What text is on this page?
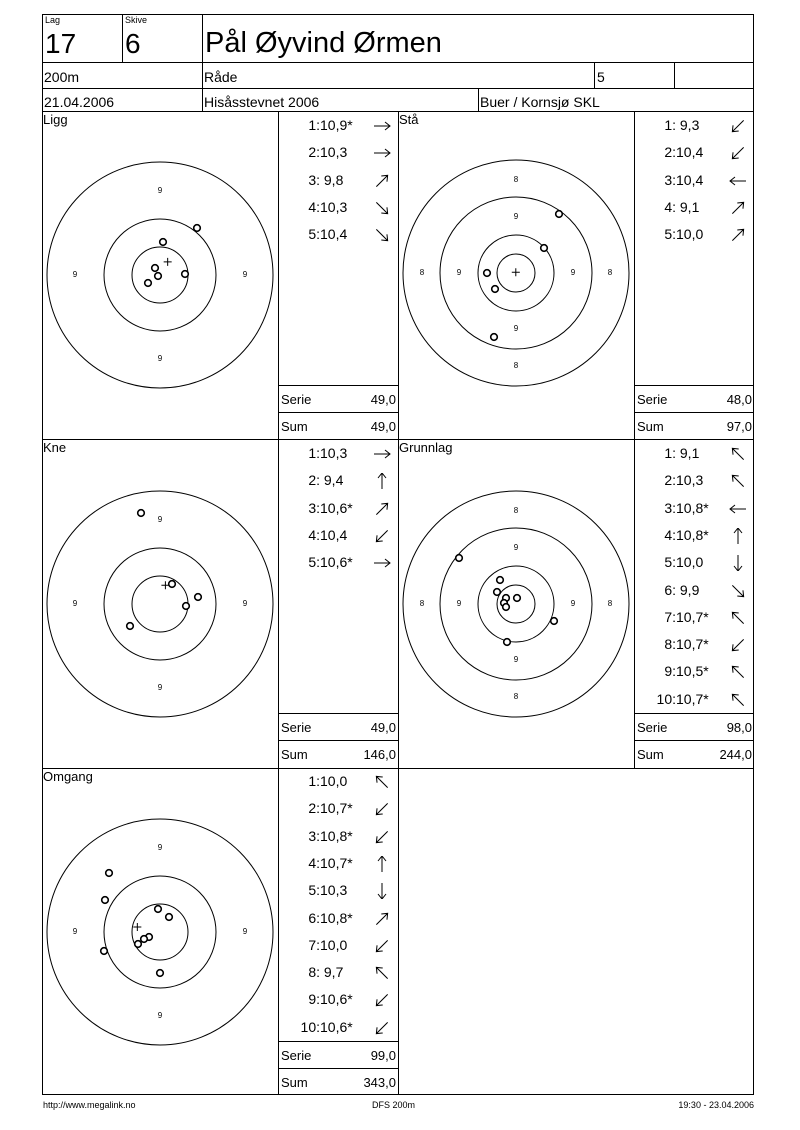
Lag
17
Skive
6 Pål Øyvind Ørmen
200m	Råde	5
21.04.2006	Hisåsstevnet 2006	Buer / Kornsjø SKL
Ligg	Stå
Kne	Grunnlag
Omgang
9
9
9	9
8
8
8	8
9
9
9	9
9
9
9	9
8
8
8	8
9
9
9	9
9
9
9	9
1:10,9*
2:10,3
3: 9,8
4:10,3
5:10,4
1: 9,3
2:10,4
3:10,4
4: 9,1
5:10,0
1:10,3
2: 9,4
3:10,6*
4:10,4
5:10,6*
1: 9,1
2:10,3
3:10,8*
4:10,8*
5:10,0
6: 9,9
7:10,7*
8:10,7*
9:10,5*
10:10,7*
1:10,0
2:10,7*
3:10,8*
4:10,7*
5:10,3
6:10,8*
7:10,0
8: 9,7
9:10,6*
10:10,6*
Serie	49,0
Sum	49,0
Serie	48,0
Sum	97,0
Serie	49,0
Sum	146,0
Serie	98,0
Sum	244,0
Serie	99,0
Sum	343,0
http://www.megalink.no	DFS 200m	19:30 - 23.04.2006
